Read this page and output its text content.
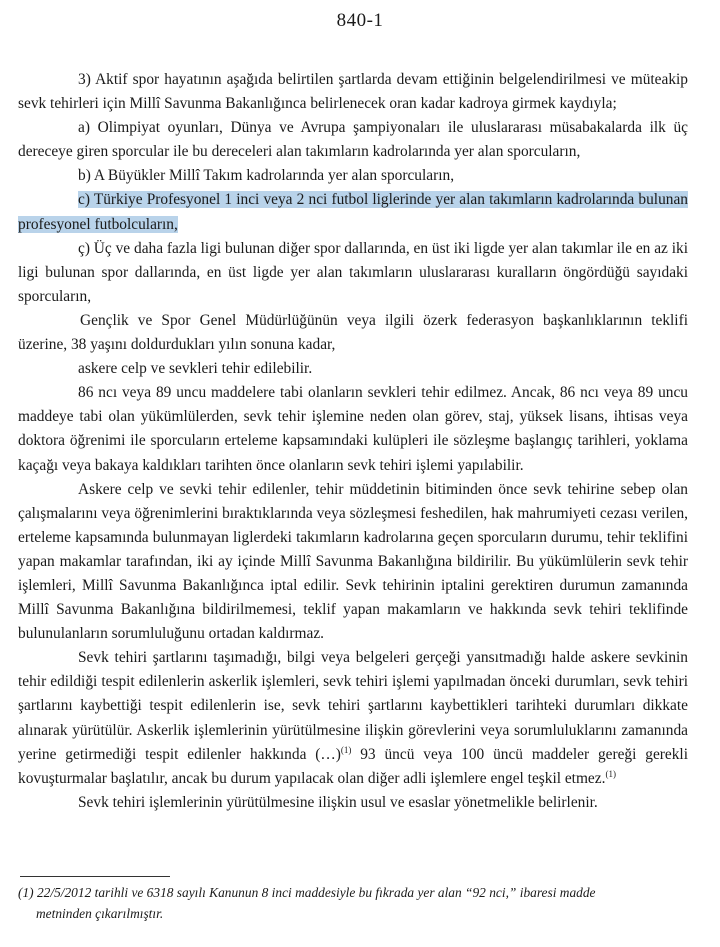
840-1

3) Aktif spor hayatının aşağıda belirtilen şartlarda devam ettiğinin belgelendirilmesi ve müteakip sevk tehirleri için Millî Savunma Bakanlığınca belirlenecek oran kadar kadroya girmek kaydıyla;

a) Olimpiyat oyunları, Dünya ve Avrupa şampiyonaları ile uluslararası müsabakalarda ilk üç dereceye giren sporcular ile bu dereceleri alan takımların kadrolarında yer alan sporcuların,

b) A Büyükler Millî Takım kadrolarında yer alan sporcuların,

c) Türkiye Profesyonel 1 inci veya 2 nci futbol liglerinde yer alan takımların kadrolarında bulunan profesyonel futbolcuların,

ç) Üç ve daha fazla ligi bulunan diğer spor dallarında, en üst iki ligde yer alan takımlar ile en az iki ligi bulunan spor dallarında, en üst ligde yer alan takımların uluslararası kuralların öngördüğü sayıdaki sporcuların,

Gençlik ve Spor Genel Müdürlüğünün veya ilgili özerk federasyon başkanlıklarının teklifi üzerine, 38 yaşını doldurdukları yılın sonuna kadar,

askere celp ve sevkleri tehir edilebilir.

86 ncı veya 89 uncu maddelere tabi olanların sevkleri tehir edilmez. Ancak, 86 ncı veya 89 uncu maddeye tabi olan yükümlülerden, sevk tehir işlemine neden olan görev, staj, yüksek lisans, ihtisas veya doktora öğrenimi ile sporcuların erteleme kapsamındaki kulüpleri ile sözleşme başlangıç tarihleri, yoklama kaçağı veya bakaya kaldıkları tarihten önce olanların sevk tehiri işlemi yapılabilir.

Askere celp ve sevki tehir edilenler, tehir müddetinin bitiminden önce sevk tehirine sebep olan çalışmalarını veya öğrenimlerini bıraktıklarında veya sözleşmesi feshedilen, hak mahrumiyeti cezası verilen, erteleme kapsamında bulunmayan liglerdeki takımların kadrolarına geçen sporcuların durumu, tehir teklifini yapan makamlar tarafından, iki ay içinde Millî Savunma Bakanlığına bildirilir. Bu yükümlülerin sevk tehir işlemleri, Millî Savunma Bakanlığınca iptal edilir. Sevk tehirinin iptalini gerektiren durumun zamanında Millî Savunma Bakanlığına bildirilmemesi, teklif yapan makamların ve hakkında sevk tehiri teklifinde bulunulanların sorumluluğunu ortadan kaldırmaz.

Sevk tehiri şartlarını taşımadığı, bilgi veya belgeleri gerçeği yansıtmadığı halde askere sevkinin tehir edildiği tespit edilenlerin askerlik işlemleri, sevk tehiri işlemi yapılmadan önceki durumları, sevk tehiri şartlarını kaybettiği tespit edilenlerin ise, sevk tehiri şartlarını kaybettikleri tarihteki durumları dikkate alınarak yürütülür. Askerlik işlemlerinin yürütülmesine ilişkin görevlerini veya sorumluluklarını zamanında yerine getirmediği tespit edilenler hakkında (…)$^{(1)}$ 93 üncü veya 100 üncü maddeler gereği gerekli kovuşturmalar başlatılır, ancak bu durum yapılacak olan diğer adli işlemlere engel teşkil etmez.$^{(1)}$

Sevk tehiri işlemlerinin yürütülmesine ilişkin usul ve esaslar yönetmelikle belirlenir.

(1) 22/5/2012 tarihli ve 6318 sayılı Kanunun 8 inci maddesiyle bu fıkrada yer alan “92 nci,” ibaresi madde
metninden çıkarılmıştır.
